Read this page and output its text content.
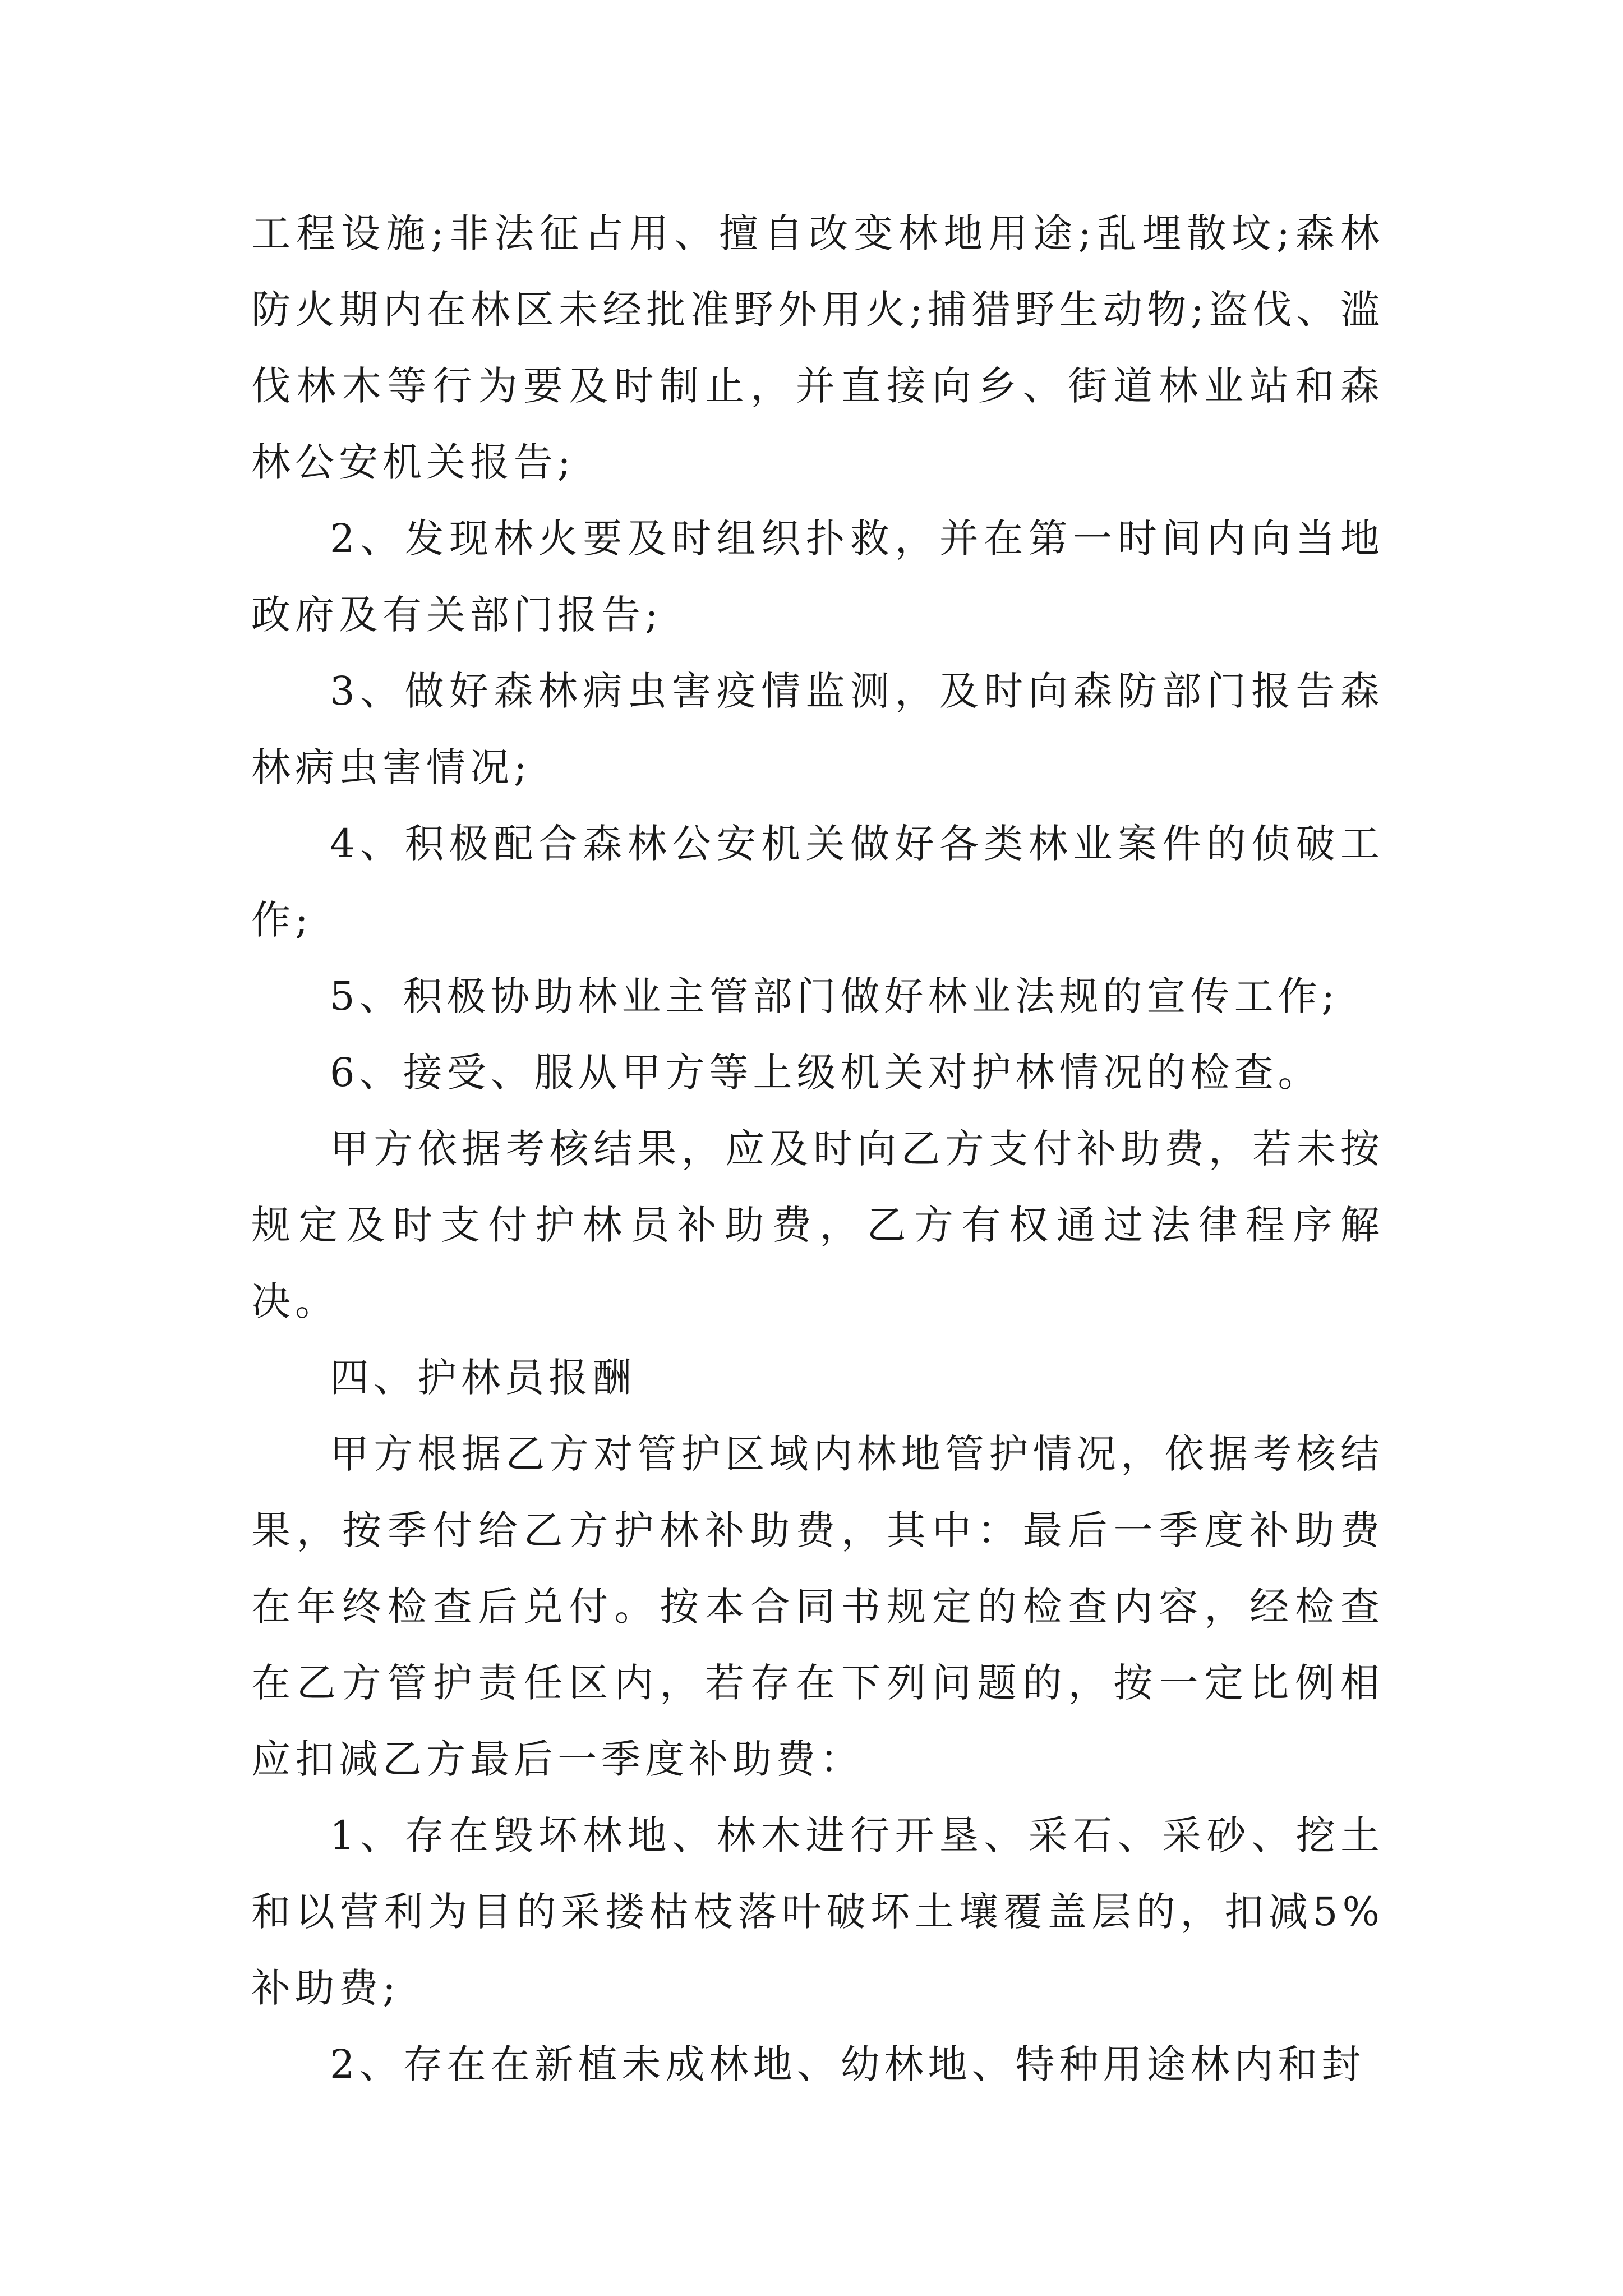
工程设施;非法征占用、擅自改变林地用途;乱埋散坟;森林防火期内在林区未经批准野外用火;捕猎野生动物;盗伐、滥伐林木等行为要及时制止，并直接向乡、街道林业站和森林公安机关报告;

2、发现林火要及时组织扑救，并在第一时间内向当地政府及有关部门报告;

3、做好森林病虫害疫情监测，及时向森防部门报告森林病虫害情况;

4、积极配合森林公安机关做好各类林业案件的侦破工作;

5、积极协助林业主管部门做好林业法规的宣传工作;

6、接受、服从甲方等上级机关对护林情况的检查。

甲方依据考核结果，应及时向乙方支付补助费，若未按规定及时支付护林员补助费，乙方有权通过法律程序解决。

四、护林员报酬

甲方根据乙方对管护区域内林地管护情况，依据考核结果，按季付给乙方护林补助费，其中：最后一季度补助费在年终检查后兑付。按本合同书规定的检查内容，经检查在乙方管护责任区内，若存在下列问题的，按一定比例相应扣减乙方最后一季度补助费：

1、存在毁坏林地、林木进行开垦、采石、采砂、挖土和以营利为目的采搂枯枝落叶破坏土壤覆盖层的，扣减5%补助费;

2、存在在新植未成林地、幼林地、特种用途林内和封
